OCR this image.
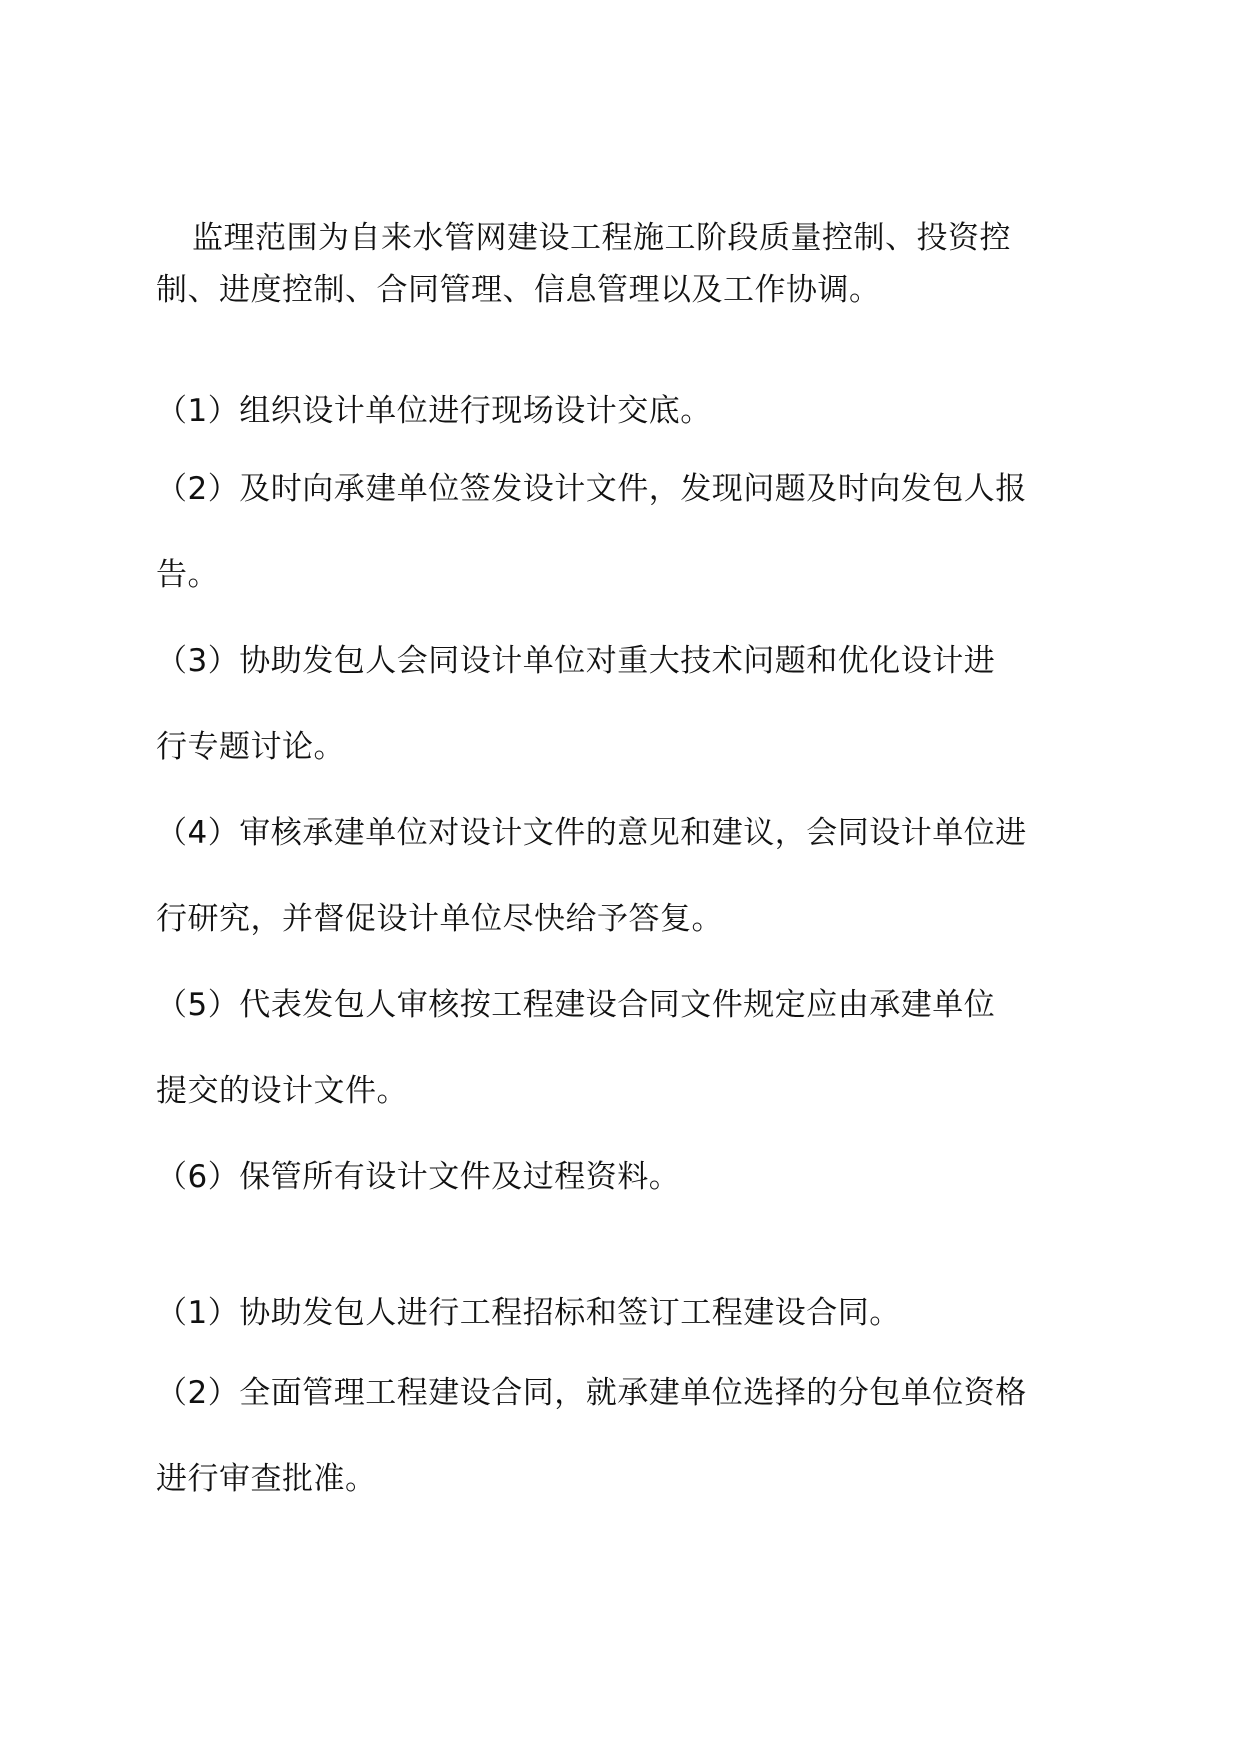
监理范围为自来水管网建设工程施工阶段质量控制、投资控
制、进度控制、合同管理、信息管理以及工作协调。

（1）组织设计单位进行现场设计交底。

（2）及时向承建单位签发设计文件，发现问题及时向发包人报
告。

（3）协助发包人会同设计单位对重大技术问题和优化设计进
行专题讨论。

（4）审核承建单位对设计文件的意见和建议，会同设计单位进
行研究，并督促设计单位尽快给予答复。

（5）代表发包人审核按工程建设合同文件规定应由承建单位
提交的设计文件。

（6）保管所有设计文件及过程资料。

（1）协助发包人进行工程招标和签订工程建设合同。

（2）全面管理工程建设合同，就承建单位选择的分包单位资格
进行审查批准。
